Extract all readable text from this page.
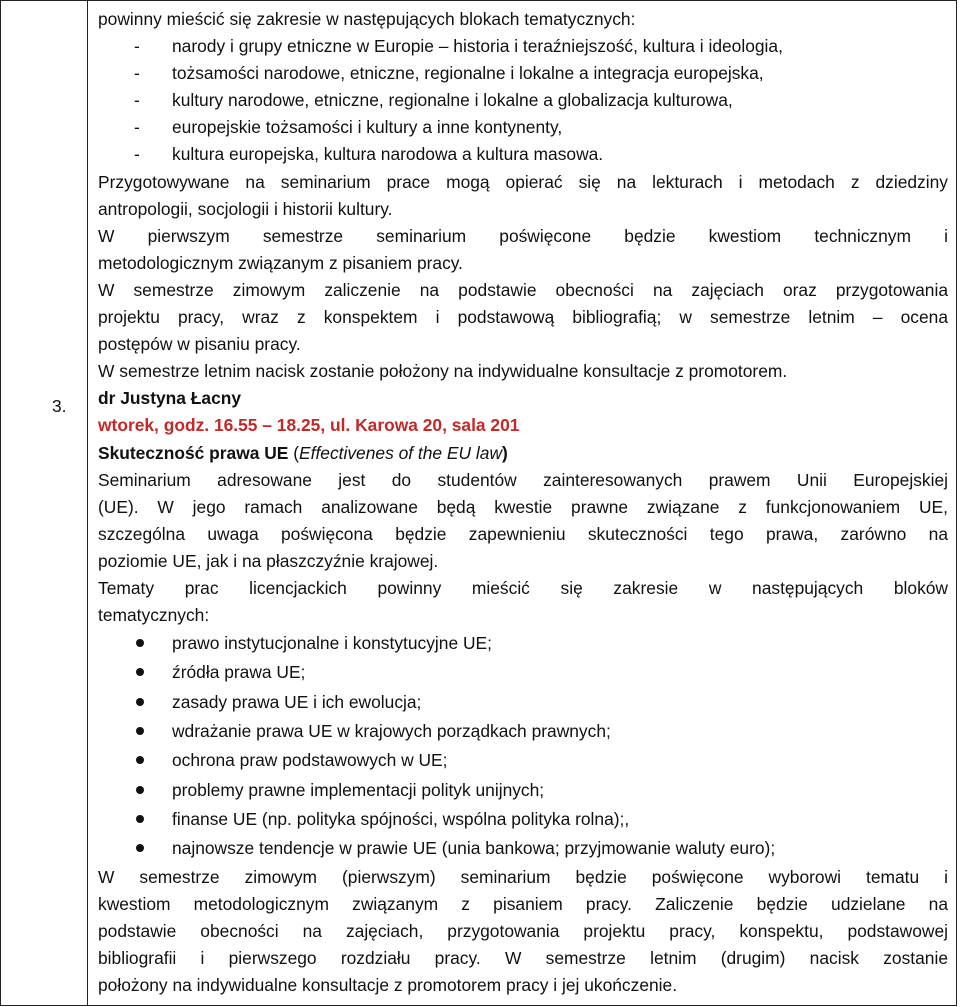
3.
powinny mieścić się zakresie w następujących blokach tematycznych:
- narody i grupy etniczne w Europie – historia i teraźniejszość, kultura i ideologia,
- tożsamości narodowe, etniczne, regionalne i lokalne a integracja europejska,
- kultury narodowe, etniczne, regionalne i lokalne a globalizacja kulturowa,
- europejskie tożsamości i kultury a inne kontynenty,
- kultura europejska, kultura narodowa a kultura masowa.
Przygotowywane na seminarium prace mogą opierać się na lekturach i metodach z dziedziny
antropologii, socjologii i historii kultury.
W pierwszym semestrze seminarium poświęcone będzie kwestiom technicznym i
metodologicznym związanym z pisaniem pracy.
W semestrze zimowym zaliczenie na podstawie obecności na zajęciach oraz przygotowania
projektu pracy, wraz z konspektem i podstawową bibliografią; w semestrze letnim – ocena
postępów w pisaniu pracy.
W semestrze letnim nacisk zostanie położony na indywidualne konsultacje z promotorem.
dr Justyna Łacny
wtorek, godz. 16.55 – 18.25, ul. Karowa 20, sala 201
Skuteczność prawa UE (Effectivenes of the EU law)
Seminarium adresowane jest do studentów zainteresowanych prawem Unii Europejskiej
(UE). W jego ramach analizowane będą kwestie prawne związane z funkcjonowaniem UE,
szczególna uwaga poświęcona będzie zapewnieniu skuteczności tego prawa, zarówno na
poziomie UE, jak i na płaszczyźnie krajowej.
Tematy prac licencjackich powinny mieścić się zakresie w następujących bloków
tematycznych:
prawo instytucjonalne i konstytucyjne UE;
źródła prawa UE;
zasady prawa UE i ich ewolucja;
wdrażanie prawa UE w krajowych porządkach prawnych;
ochrona praw podstawowych w UE;
problemy prawne implementacji polityk unijnych;
finanse UE (np. polityka spójności, wspólna polityka rolna);,
najnowsze tendencje w prawie UE (unia bankowa; przyjmowanie waluty euro);
W semestrze zimowym (pierwszym) seminarium będzie poświęcone wyborowi tematu i
kwestiom metodologicznym związanym z pisaniem pracy. Zaliczenie będzie udzielane na
podstawie obecności na zajęciach, przygotowania projektu pracy, konspektu, podstawowej
bibliografii i pierwszego rozdziału pracy. W semestrze letnim (drugim) nacisk zostanie
położony na indywidualne konsultacje z promotorem pracy i jej ukończenie.
